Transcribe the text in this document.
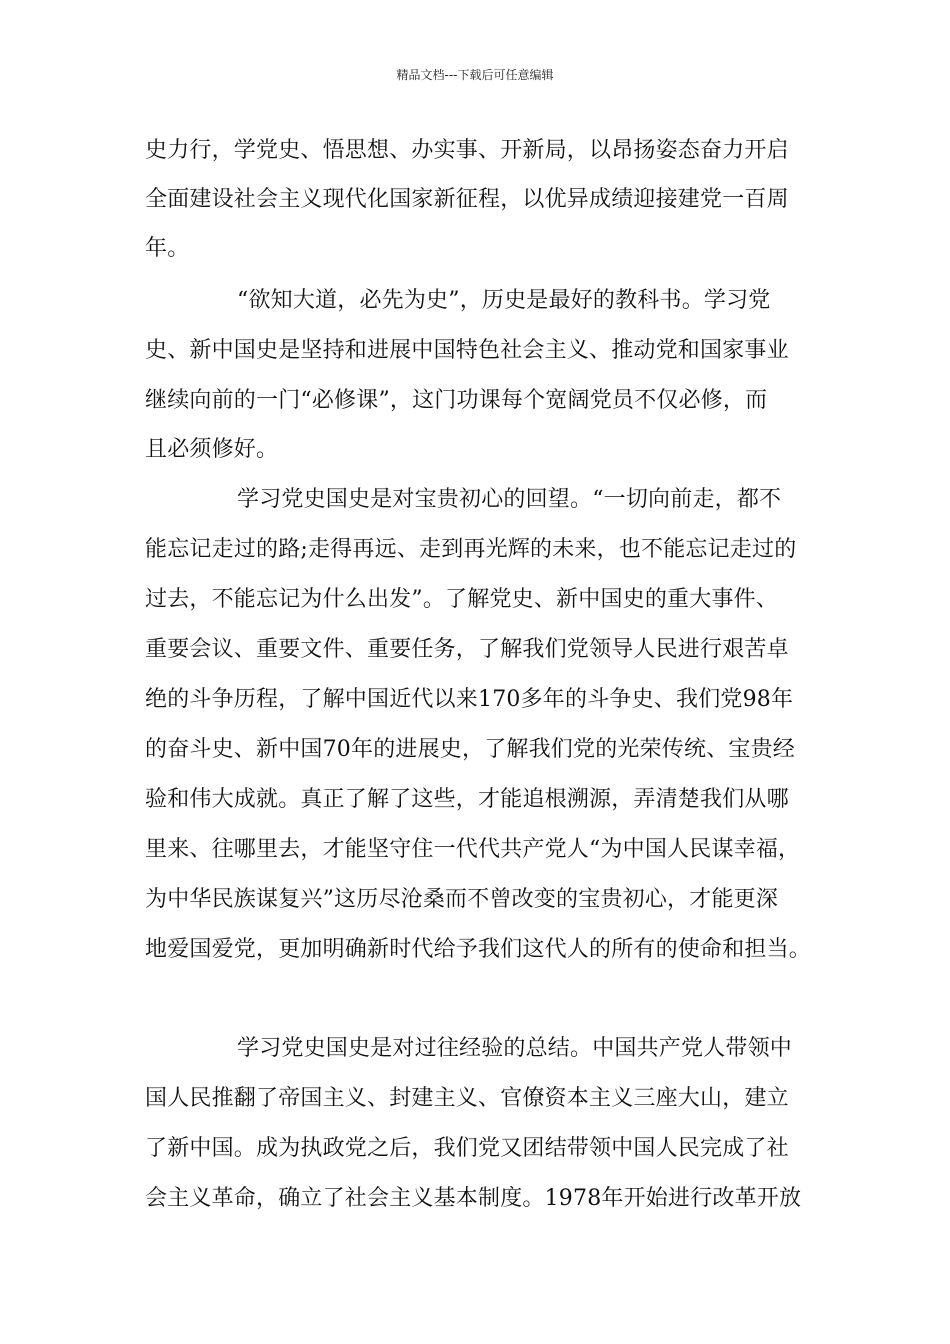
精品文档---下载后可任意编辑
史力行，学党史、悟思想、办实事、开新局，以昂扬姿态奋力开启
全面建设社会主义现代化国家新征程，以优异成绩迎接建党一百周
年。
“欲知大道，必先为史”，历史是最好的教科书。学习党
史、新中国史是坚持和进展中国特色社会主义、推动党和国家事业
继续向前的一门“必修课”，这门功课每个宽阔党员不仅必修，而
且必须修好。
学习党史国史是对宝贵初心的回望。“一切向前走，都不
能忘记走过的路;走得再远、走到再光辉的未来，也不能忘记走过的
过去，不能忘记为什么出发”。了解党史、新中国史的重大事件、
重要会议、重要文件、重要任务，了解我们党领导人民进行艰苦卓
绝的斗争历程，了解中国近代以来170多年的斗争史、我们党98年
的奋斗史、新中国70年的进展史，了解我们党的光荣传统、宝贵经
验和伟大成就。真正了解了这些，才能追根溯源，弄清楚我们从哪
里来、往哪里去，才能坚守住一代代共产党人“为中国人民谋幸福，
为中华民族谋复兴”这历尽沧桑而不曾改变的宝贵初心，才能更深
地爱国爱党，更加明确新时代给予我们这代人的所有的使命和担当。
学习党史国史是对过往经验的总结。中国共产党人带领中
国人民推翻了帝国主义、封建主义、官僚资本主义三座大山，建立
了新中国。成为执政党之后，我们党又团结带领中国人民完成了社
会主义革命，确立了社会主义基本制度。1978年开始进行改革开放
